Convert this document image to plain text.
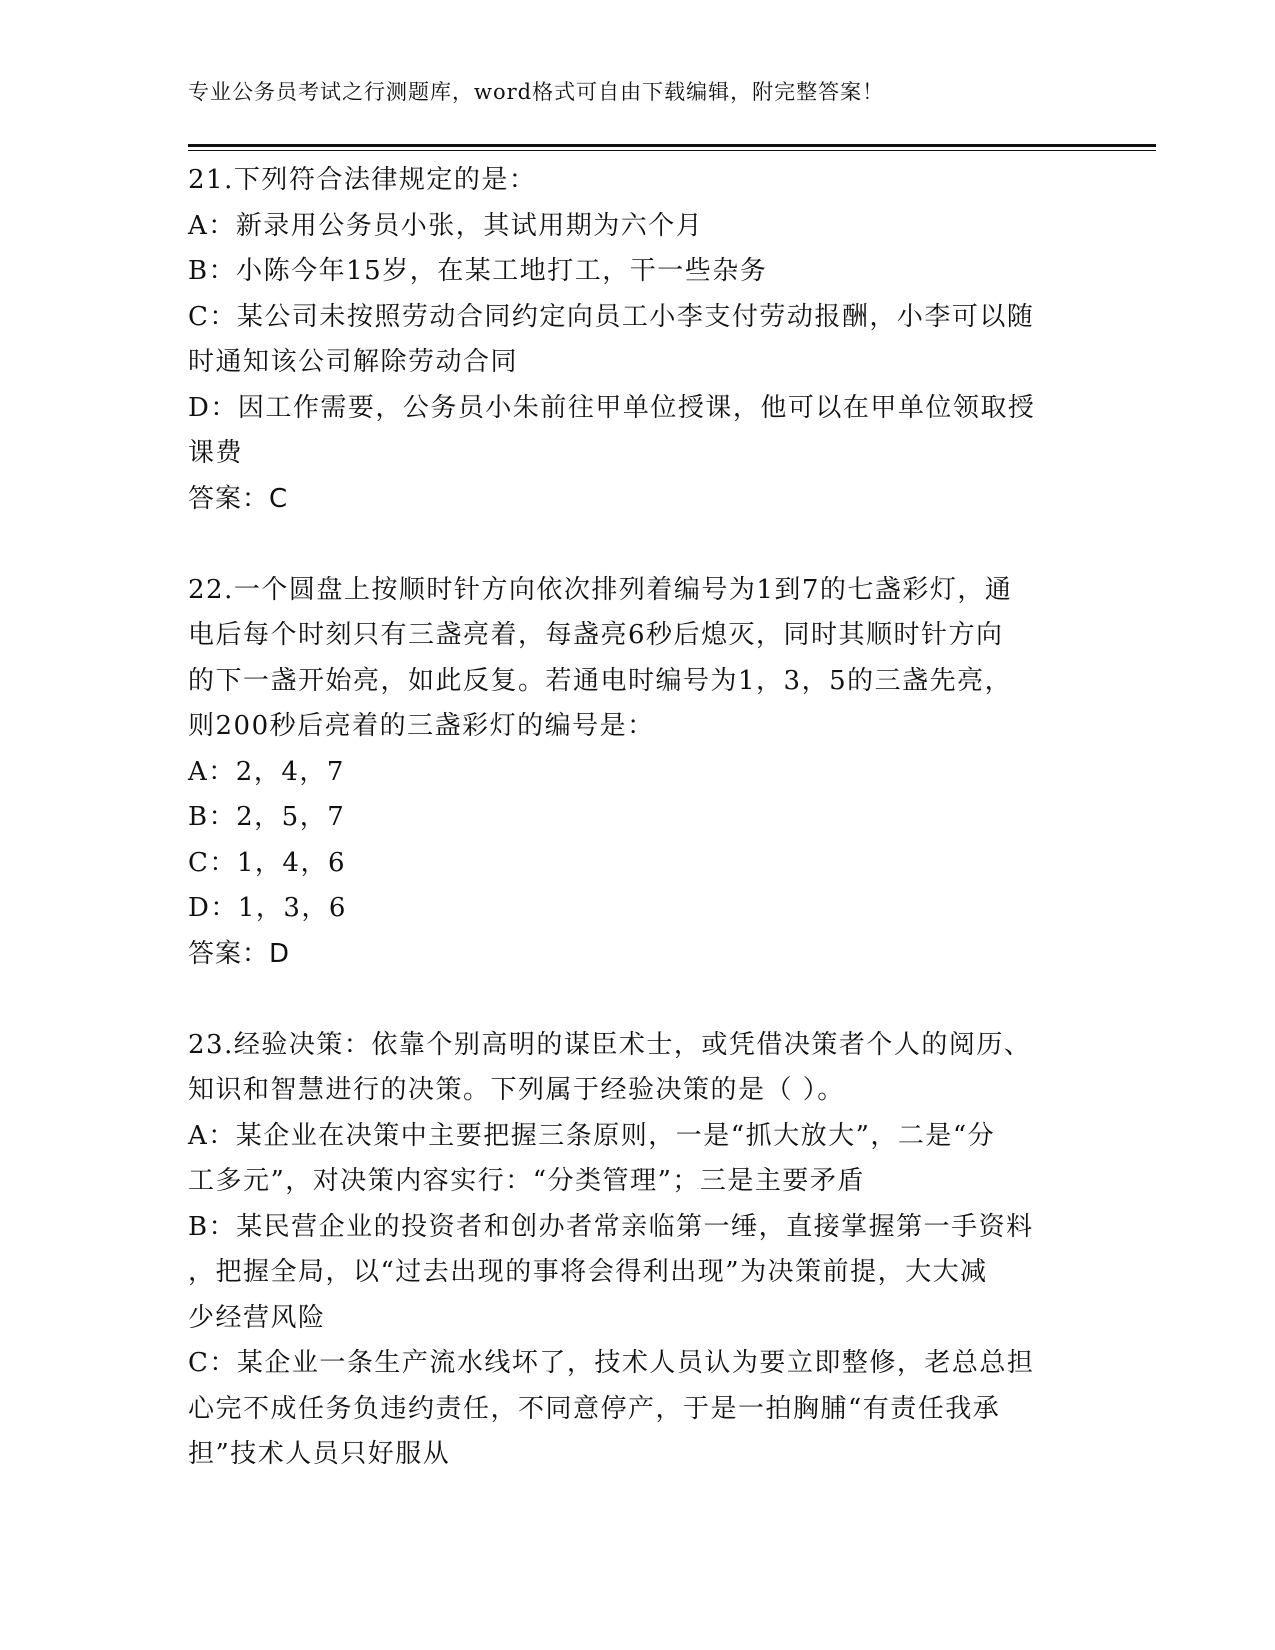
专业公务员考试之行测题库，word格式可自由下载编辑，附完整答案！
21.下列符合法律规定的是：
A：新录用公务员小张，其试用期为六个月
B：小陈今年15岁，在某工地打工，干一些杂务
C：某公司未按照劳动合同约定向员工小李支付劳动报酬，小李可以随
时通知该公司解除劳动合同
D：因工作需要，公务员小朱前往甲单位授课，他可以在甲单位领取授
课费
答案：C
22.一个圆盘上按顺时针方向依次排列着编号为1到7的七盏彩灯，通
电后每个时刻只有三盏亮着，每盏亮6秒后熄灭，同时其顺时针方向
的下一盏开始亮，如此反复。若通电时编号为1，3，5的三盏先亮，
则200秒后亮着的三盏彩灯的编号是：
A：2，4，7
B：2，5，7
C：1，4，6
D：1，3，6
答案：D
23.经验决策：依靠个别高明的谋臣术士，或凭借决策者个人的阅历、
知识和智慧进行的决策。下列属于经验决策的是（ ）。
A：某企业在决策中主要把握三条原则，一是“抓大放大”，二是“分
工多元”，对决策内容实行：“分类管理”；三是主要矛盾
B：某民营企业的投资者和创办者常亲临第一缍，直接掌握第一手资料
，把握全局，以“过去出现的事将会得利出现”为决策前提，大大减
少经营风险
C：某企业一条生产流水线坏了，技术人员认为要立即整修，老总总担
心完不成任务负违约责任，不同意停产，于是一拍胸脯“有责任我承
担”技术人员只好服从
